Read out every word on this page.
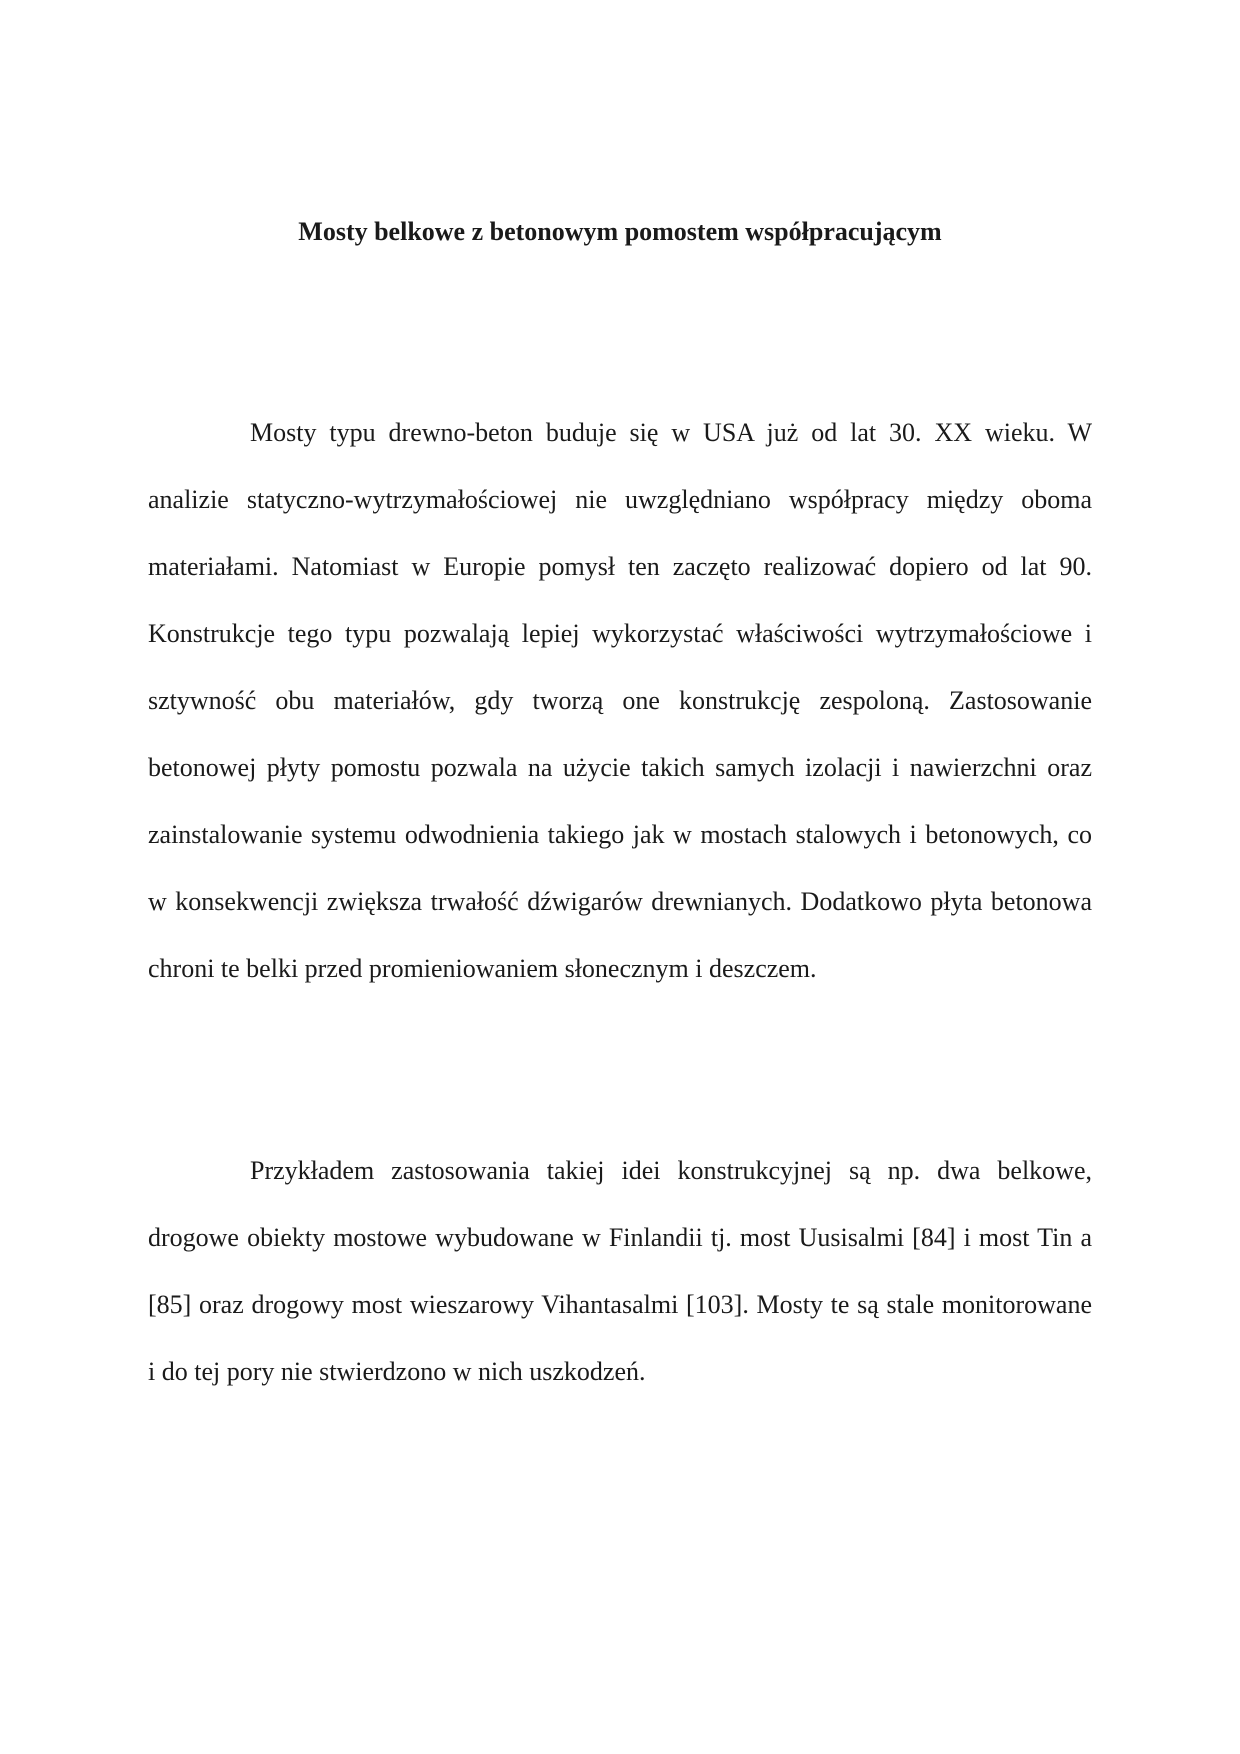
Mosty belkowe z betonowym pomostem współpracującym

Mosty typu drewno-beton buduje się w USA już od lat 30. XX wieku. W analizie statyczno-wytrzymałościowej nie uwzględniano współpracy między oboma materiałami. Natomiast w Europie pomysł ten zaczęto realizować dopiero od lat 90. Konstrukcje tego typu pozwalają lepiej wykorzystać właściwości wytrzymałościowe i sztywność obu materiałów, gdy tworzą one konstrukcję zespoloną. Zastosowanie betonowej płyty pomostu pozwala na użycie takich samych izolacji i nawierzchni oraz zainstalowanie systemu odwodnienia takiego jak w mostach stalowych i betonowych, co w konsekwencji zwiększa trwałość dźwigarów drewnianych. Dodatkowo płyta betonowa chroni te belki przed promieniowaniem słonecznym i deszczem.

Przykładem zastosowania takiej idei konstrukcyjnej są np. dwa belkowe, drogowe obiekty mostowe wybudowane w Finlandii tj. most Uusisalmi [84] i most Tin a [85] oraz drogowy most wieszarowy Vihantasalmi [103]. Mosty te są stale monitorowane i do tej pory nie stwierdzono w nich uszkodzeń.
